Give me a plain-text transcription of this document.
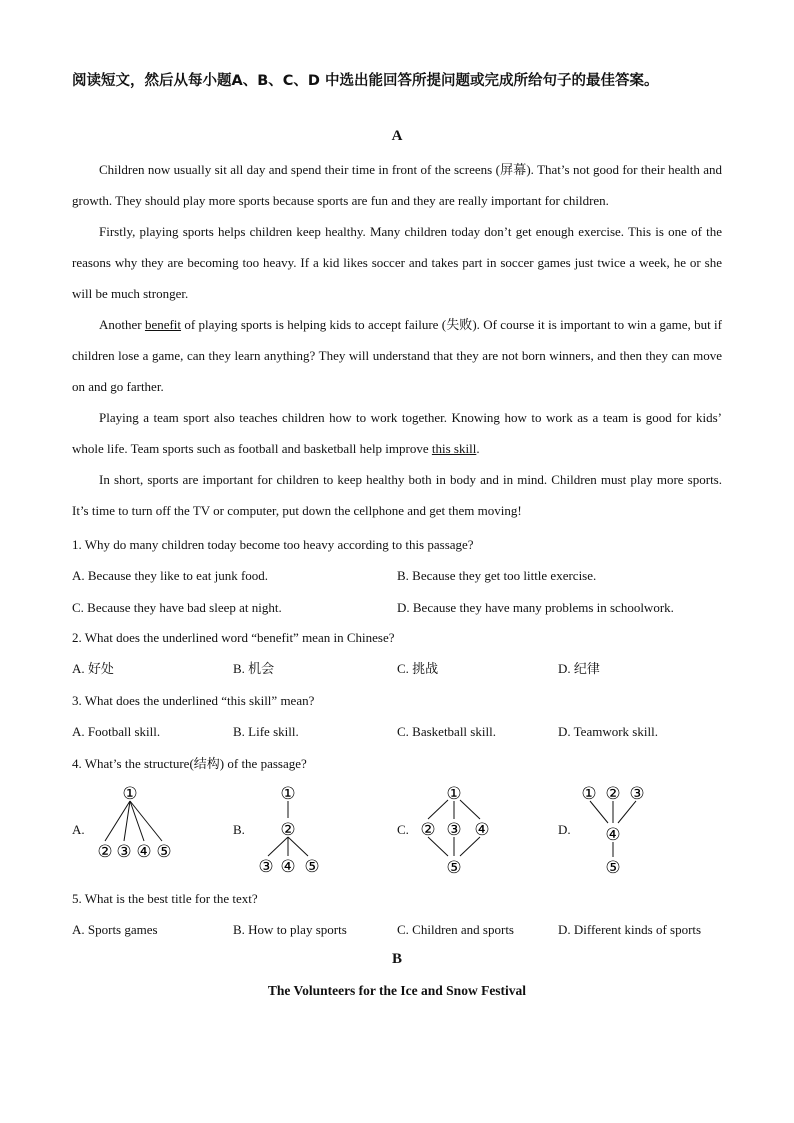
阅读短文，然后从每小题A、B、C、D 中选出能回答所提问题或完成所给句子的最佳答案。
A

Children now usually sit all day and spend their time in front of the screens (屏幕). That’s not good for their health and growth. They should play more sports because sports are fun and they are really important for children.

Firstly, playing sports helps children keep healthy. Many children today don’t get enough exercise. This is one of the reasons why they are becoming too heavy. If a kid likes soccer and takes part in soccer games just twice a week, he or she will be much stronger.

Another benefit of playing sports is helping kids to accept failure (失败). Of course it is important to win a game, but if children lose a game, can they learn anything? They will understand that they are not born winners, and then they can move on and go farther.

Playing a team sport also teaches children how to work together. Knowing how to work as a team is good for kids’ whole life. Team sports such as football and basketball help improve this skill.

In short, sports are important for children to keep healthy both in body and in mind. Children must play more sports. It’s time to turn off the TV or computer, put down the cellphone and get them moving!

1. Why do many children today become too heavy according to this passage?
A. Because they like to eat junk food.	B. Because they get too little exercise.
C. Because they have bad sleep at night.	D. Because they have many problems in schoolwork.
2. What does the underlined word “benefit” mean in Chinese?
A. 好处	B. 机会	C. 挑战	D. 纪律
3. What does the underlined “this skill” mean?
A. Football skill.	B. Life skill.	C. Basketball skill.	D. Teamwork skill.
4. What’s the structure(结构) of the passage?
A.	B.	C.	D.
①
② ③ ④ ⑤
①
②
③ ④ ⑤
①
② ③ ④
⑤
① ② ③
④
⑤
5. What is the best title for the text?
A. Sports games	B. How to play sports	C. Children and sports	D. Different kinds of sports
B
The Volunteers for the Ice and Snow Festival
